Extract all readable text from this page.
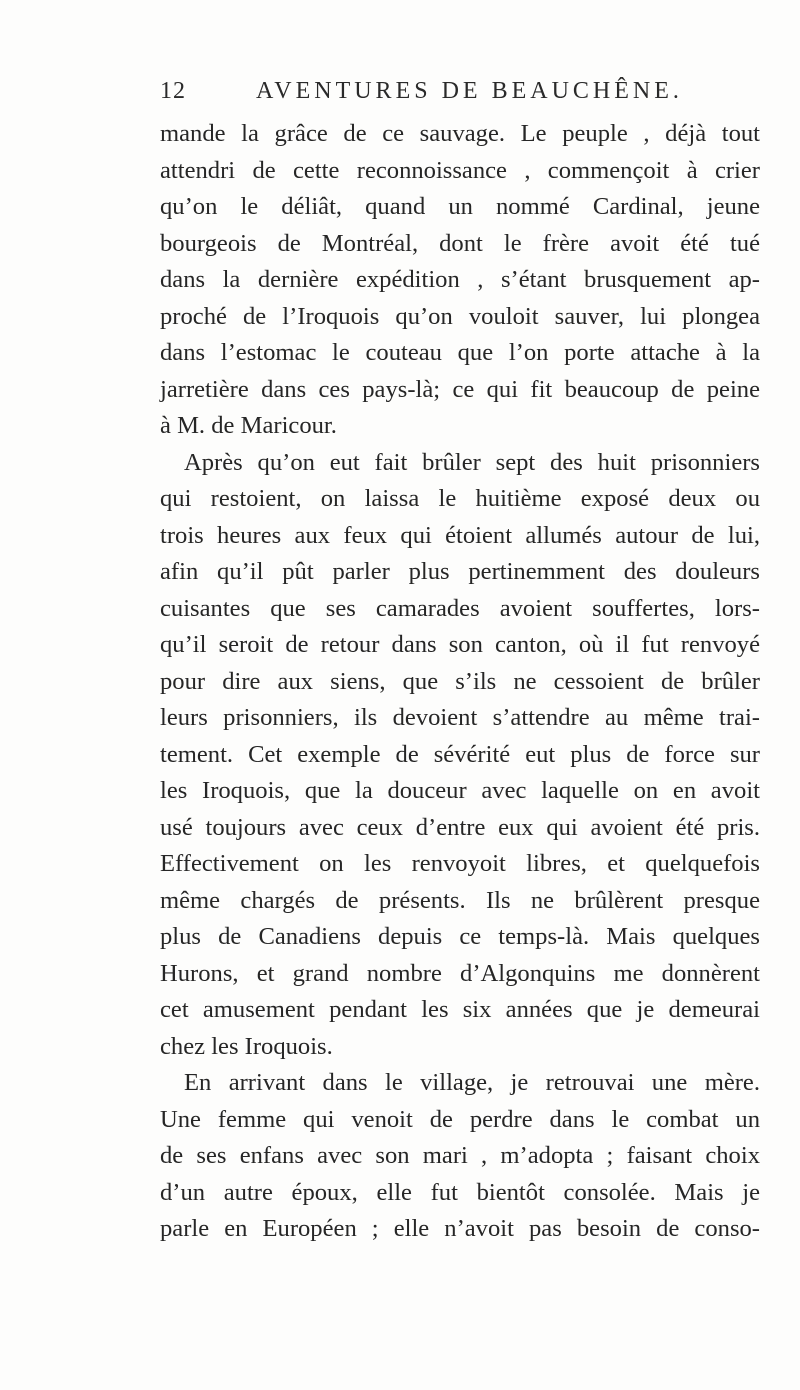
12	AVENTURES DE BEAUCHÊNE.
mande la grâce de ce sauvage. Le peuple , déjà tout
attendri de cette reconnoissance , commençoit à crier
qu’on le déliât, quand un nommé Cardinal, jeune
bourgeois de Montréal, dont le frère avoit été tué
dans la dernière expédition , s’étant brusquement ap-
proché de l’Iroquois qu’on vouloit sauver, lui plongea
dans l’estomac le couteau que l’on porte attache à la
jarretière dans ces pays-là; ce qui fit beaucoup de peine
à M. de Maricour.
Après qu’on eut fait brûler sept des huit prisonniers
qui restoient, on laissa le huitième exposé deux ou
trois heures aux feux qui étoient allumés autour de lui,
afin qu’il pût parler plus pertinemment des douleurs
cuisantes que ses camarades avoient souffertes, lors-
qu’il seroit de retour dans son canton, où il fut renvoyé
pour dire aux siens, que s’ils ne cessoient de brûler
leurs prisonniers, ils devoient s’attendre au même trai-
tement. Cet exemple de sévérité eut plus de force sur
les Iroquois, que la douceur avec laquelle on en avoit
usé toujours avec ceux d’entre eux qui avoient été pris.
Effectivement on les renvoyoit libres, et quelquefois
même chargés de présents. Ils ne brûlèrent presque
plus de Canadiens depuis ce temps-là. Mais quelques
Hurons, et grand nombre d’Algonquins me donnèrent
cet amusement pendant les six années que je demeurai
chez les Iroquois.
En arrivant dans le village, je retrouvai une mère.
Une femme qui venoit de perdre dans le combat un
de ses enfans avec son mari , m’adopta ; faisant choix
d’un autre époux, elle fut bientôt consolée. Mais je
parle en Européen ; elle n’avoit pas besoin de conso-
